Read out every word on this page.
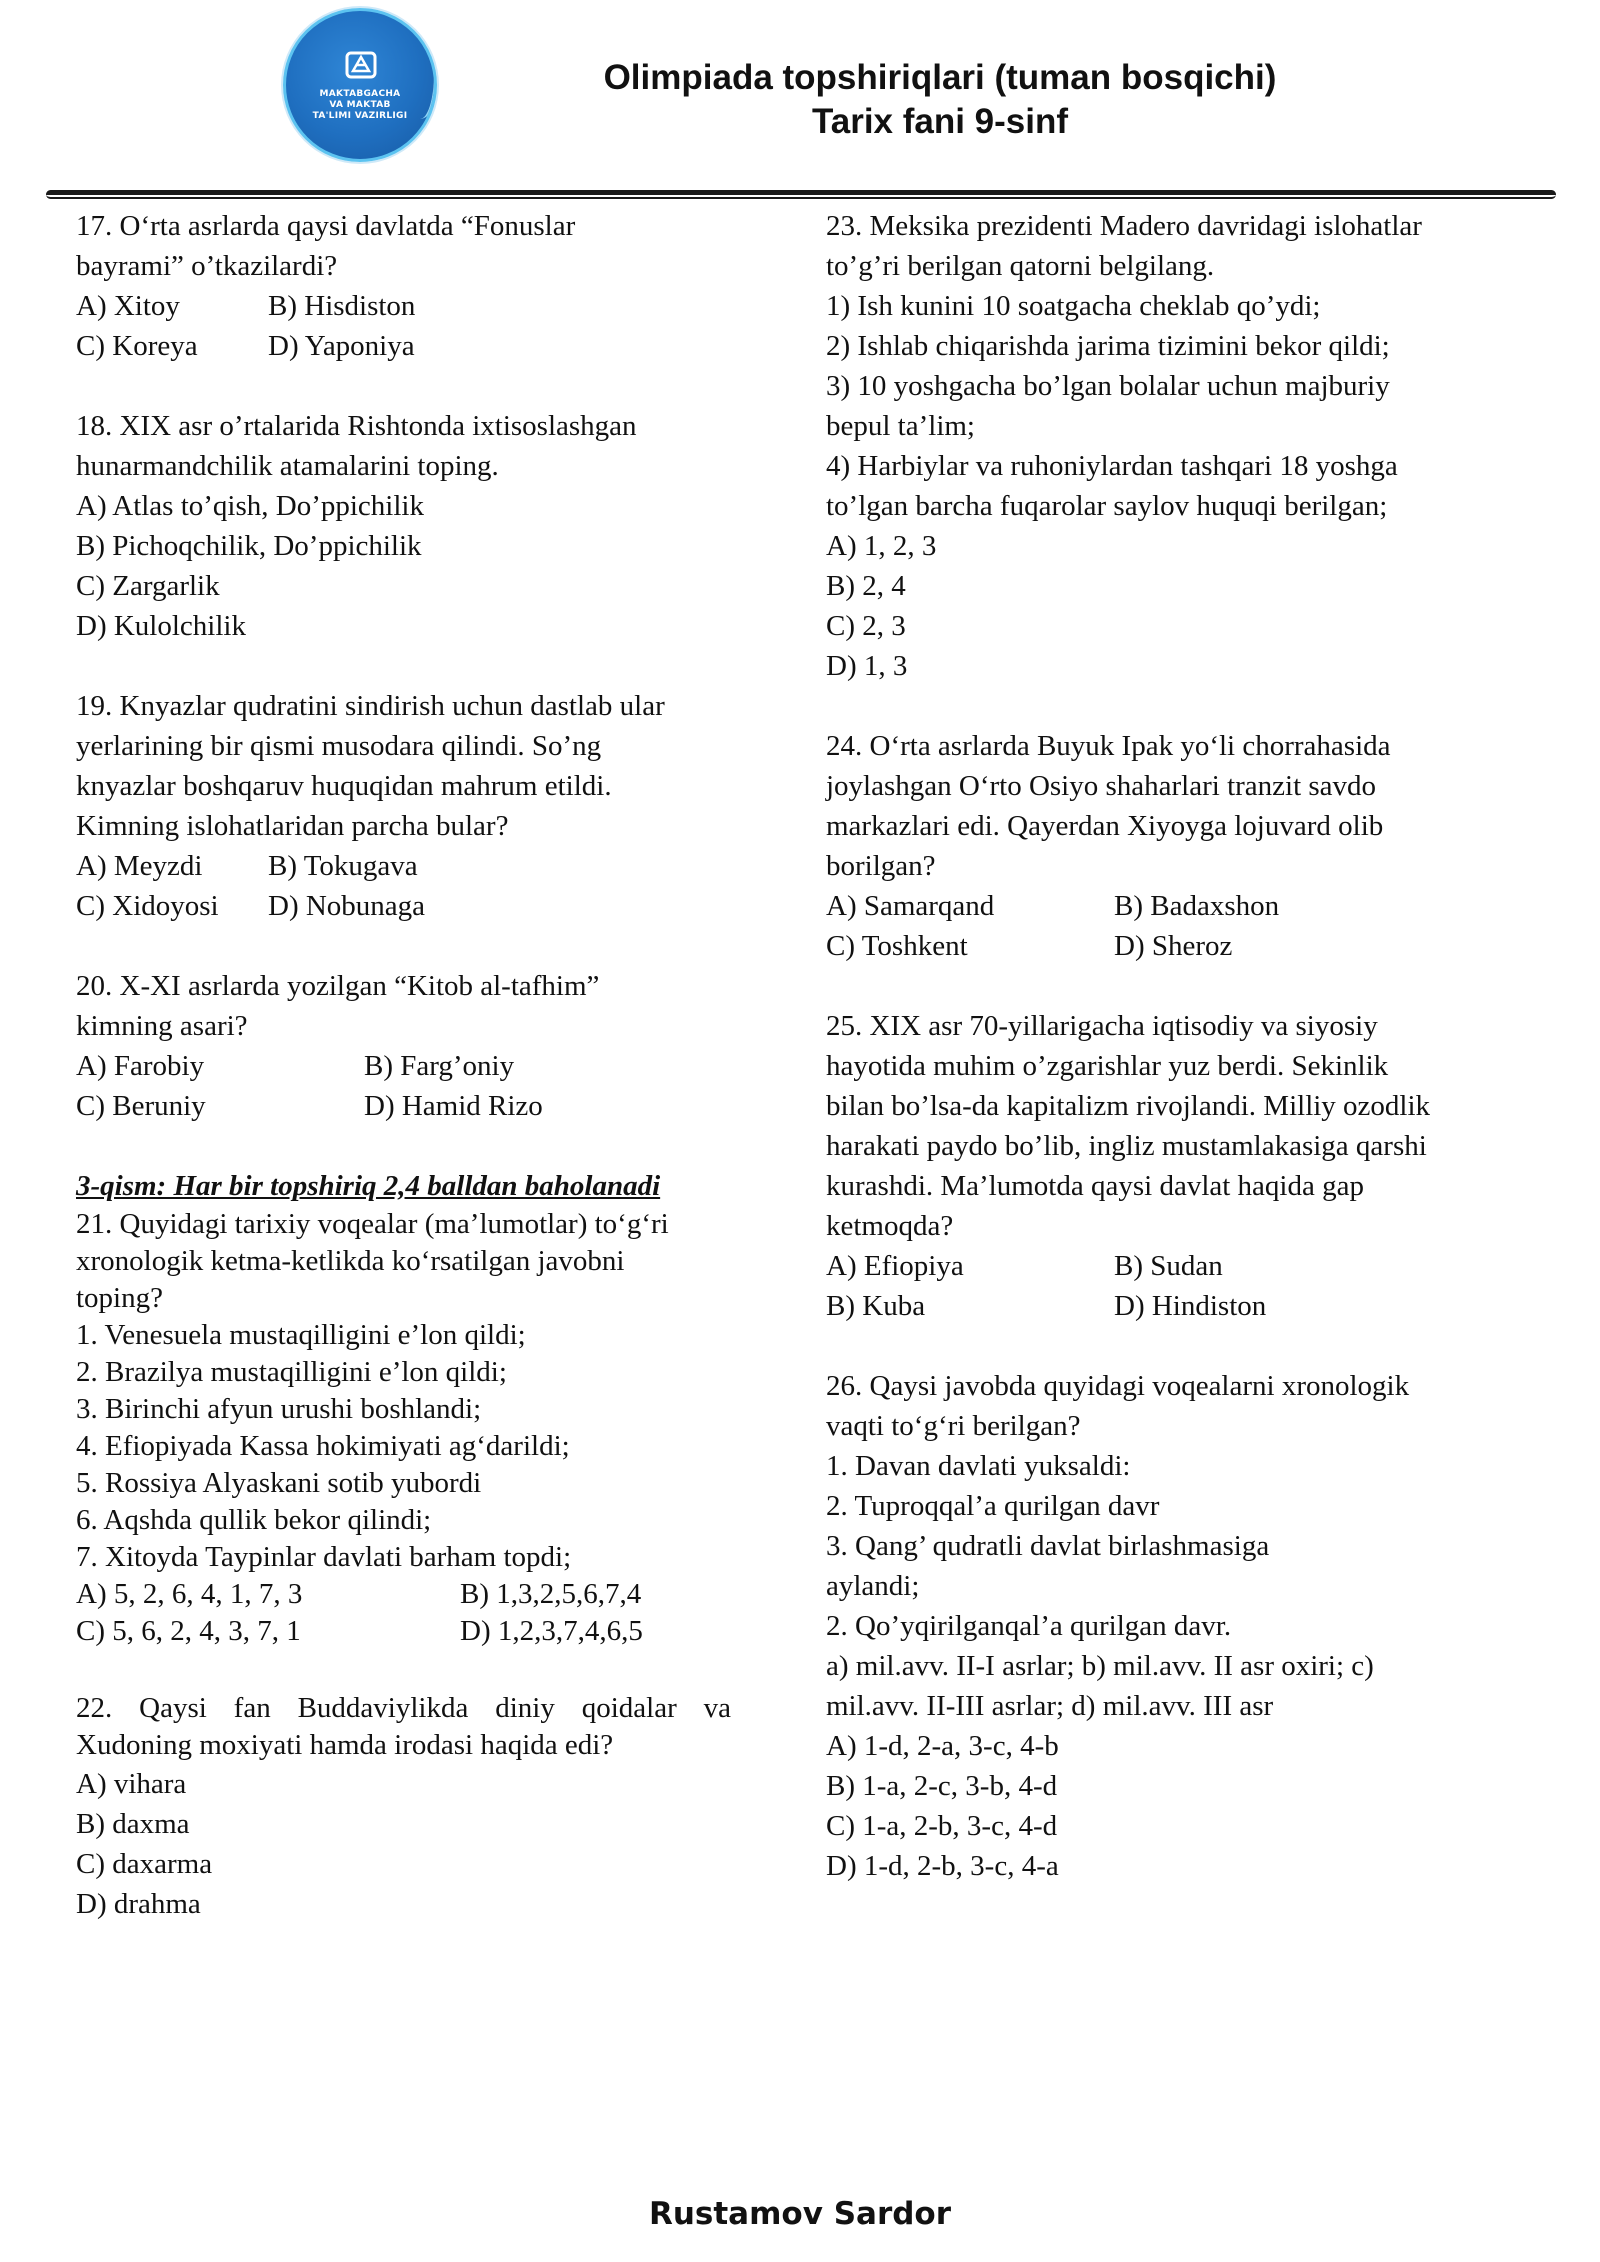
MAKTABGACHA
VA MAKTAB
TA'LIMI VAZIRLIGI
Olimpiada topshiriqlari (tuman bosqichi)
Tarix fani 9-sinf
17. O‘rta asrlarda qaysi davlatda “Fonuslar
bayrami” o’tkazilardi?
A) Xitoy	B) Hisdiston
C) Koreya	D) Yaponiya
18. XIX asr o’rtalarida Rishtonda ixtisoslashgan
hunarmandchilik atamalarini toping.
A) Atlas to’qish, Do’ppichilik
B) Pichoqchilik, Do’ppichilik
C) Zargarlik
D) Kulolchilik
19. Knyazlar qudratini sindirish uchun dastlab ular
yerlarining bir qismi musodara qilindi. So’ng
knyazlar boshqaruv huquqidan mahrum etildi.
Kimning islohatlaridan parcha bular?
A) Meyzdi	B) Tokugava
C) Xidoyosi	D) Nobunaga
20. X-XI asrlarda yozilgan “Kitob al-tafhim”
kimning asari?
A) Farobiy	B) Farg’oniy
C) Beruniy	D) Hamid Rizo
3-qism: Har bir topshiriq 2,4 balldan baholanadi
21. Quyidagi tarixiy voqealar (ma’lumotlar) to‘g‘ri
xronologik ketma-ketlikda ko‘rsatilgan javobni
toping?
1. Venesuela mustaqilligini e’lon qildi;
2. Brazilya mustaqilligini e’lon qildi;
3. Birinchi afyun urushi boshlandi;
4. Efiopiyada Kassa hokimiyati ag‘darildi;
5. Rossiya Alyaskani sotib yubordi
6. Aqshda qullik bekor qilindi;
7. Xitoyda Taypinlar davlati barham topdi;
A) 5, 2, 6, 4, 1, 7, 3	B) 1,3,2,5,6,7,4
C) 5, 6, 2, 4, 3, 7, 1	D) 1,2,3,7,4,6,5
22. Qaysi fan Buddaviylikda diniy qoidalar va
Xudoning moxiyati hamda irodasi haqida edi?
A) vihara
B) daxma
C) daxarma
D) drahma
23. Meksika prezidenti Madero davridagi islohatlar
to’g’ri berilgan qatorni belgilang.
1) Ish kunini 10 soatgacha cheklab qo’ydi;
2) Ishlab chiqarishda jarima tizimini bekor qildi;
3) 10 yoshgacha bo’lgan bolalar uchun majburiy
bepul ta’lim;
4) Harbiylar va ruhoniylardan tashqari 18 yoshga
to’lgan barcha fuqarolar saylov huquqi berilgan;
A) 1, 2, 3
B) 2, 4
C) 2, 3
D) 1, 3
24. O‘rta asrlarda Buyuk Ipak yo‘li chorrahasida
joylashgan O‘rto Osiyo shaharlari tranzit savdo
markazlari edi. Qayerdan Xiyoyga lojuvard olib
borilgan?
A) Samarqand	B) Badaxshon
C) Toshkent	D) Sheroz
25. XIX asr 70-yillarigacha iqtisodiy va siyosiy
hayotida muhim o’zgarishlar yuz berdi. Sekinlik
bilan bo’lsa-da kapitalizm rivojlandi. Milliy ozodlik
harakati paydo bo’lib, ingliz mustamlakasiga qarshi
kurashdi. Ma’lumotda qaysi davlat haqida gap
ketmoqda?
A) Efiopiya	B) Sudan
B) Kuba	D) Hindiston
26. Qaysi javobda quyidagi voqealarni xronologik
vaqti to‘g‘ri berilgan?
1. Davan davlati yuksaldi:
2. Tuproqqal’a qurilgan davr
3. Qang’ qudratli davlat birlashmasiga
aylandi;
2. Qo’yqirilganqal’a qurilgan davr.
a) mil.avv. II-I asrlar; b) mil.avv. II asr oxiri; c)
mil.avv. II-III asrlar; d) mil.avv. III asr
A) 1-d, 2-a, 3-c, 4-b
B) 1-a, 2-c, 3-b, 4-d
C) 1-a, 2-b, 3-c, 4-d
D) 1-d, 2-b, 3-c, 4-a
Rustamov Sardor
